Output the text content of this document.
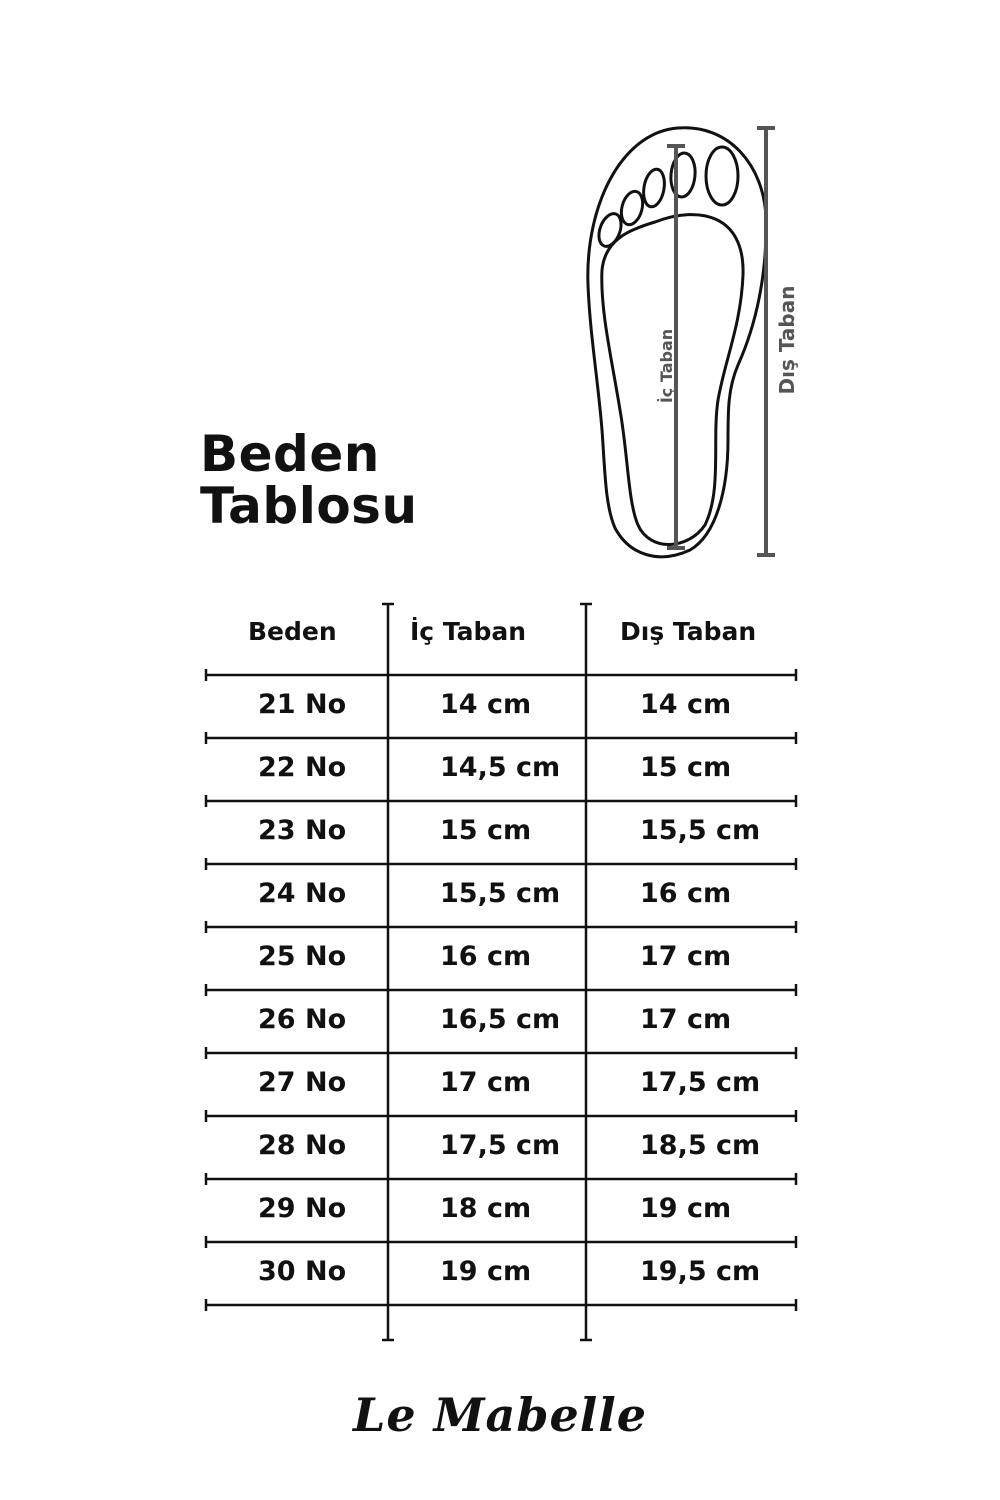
Beden
Tablosu
İç Taban	Dış Taban
Beden	İç Taban	Dış Taban
21 No	14 cm	14 cm
22 No	14,5 cm	15 cm
23 No	15 cm	15,5 cm
24 No	15,5 cm	16 cm
25 No	16 cm	17 cm
26 No	16,5 cm	17 cm
27 No	17 cm	17,5 cm
28 No	17,5 cm	18,5 cm
29 No	18 cm	19 cm
30 No	19 cm	19,5 cm
Le Mabelle
